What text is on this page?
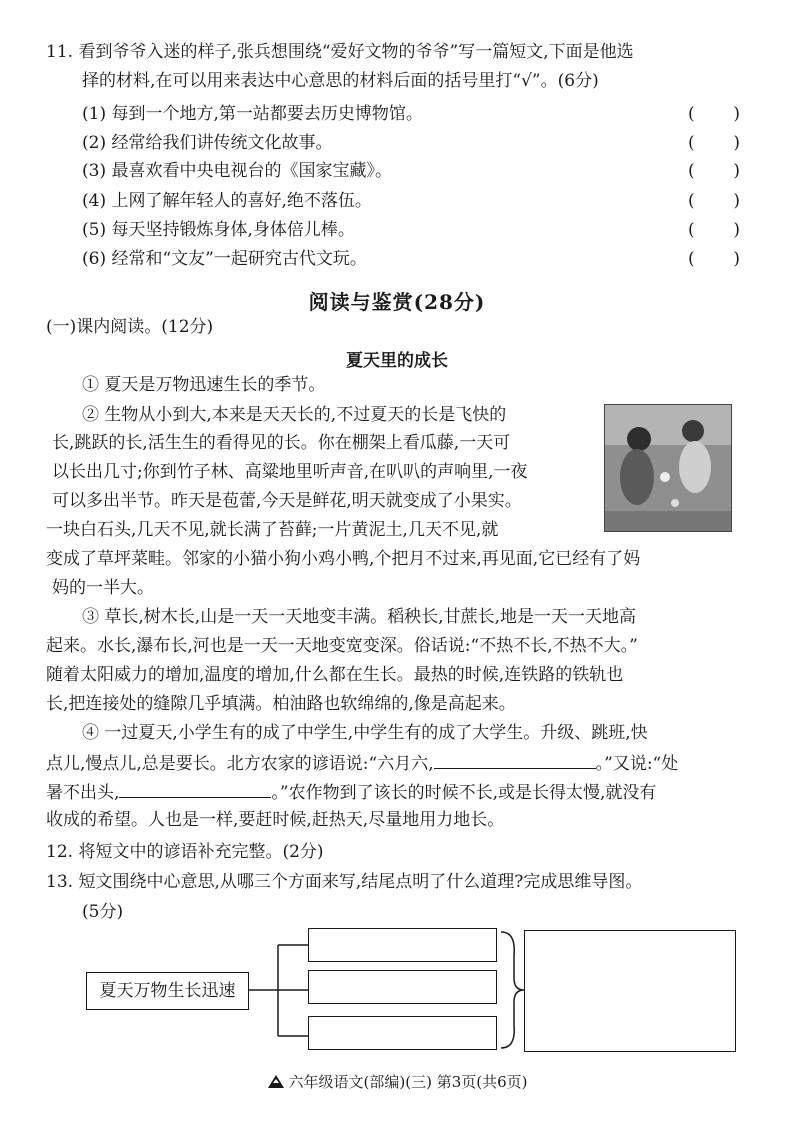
11. 看到爷爷入迷的样子,张兵想围绕“爱好文物的爷爷”写一篇短文,下面是他选
择的材料,在可以用来表达中心意思的材料后面的括号里打“√”。(6分)
(1) 每到一个地方,第一站都要去历史博物馆。
(2) 经常给我们讲传统文化故事。
(3) 最喜欢看中央电视台的《国家宝藏》。
(4) 上网了解年轻人的喜好,绝不落伍。
(5) 每天坚持锻炼身体,身体倍儿棒。
(6) 经常和“文友”一起研究古代文玩。
( )
( )
( )
( )
( )
( )
阅读与鉴赏(28分)
(一)课内阅读。(12分)
夏天里的成长
① 夏天是万物迅速生长的季节。
② 生物从小到大,本来是天天长的,不过夏天的长是飞快的
长,跳跃的长,活生生的看得见的长。你在棚架上看瓜藤,一天可
以长出几寸;你到竹子林、高粱地里听声音,在叭叭的声响里,一夜
可以多出半节。昨天是苞蕾,今天是鲜花,明天就变成了小果实。
一块白石头,几天不见,就长满了苔藓;一片黄泥土,几天不见,就
变成了草坪菜畦。邻家的小猫小狗小鸡小鸭,个把月不过来,再见面,它已经有了妈
妈的一半大。
③ 草长,树木长,山是一天一天地变丰满。稻秧长,甘蔗长,地是一天一天地高
起来。水长,瀑布长,河也是一天一天地变宽变深。俗话说:“不热不长,不热不大。”
随着太阳威力的增加,温度的增加,什么都在生长。最热的时候,连铁路的铁轨也
长,把连接处的缝隙几乎填满。柏油路也软绵绵的,像是高起来。
④ 一过夏天,小学生有的成了中学生,中学生有的成了大学生。升级、跳班,快
点儿,慢点儿,总是要长。北方农家的谚语说:“六月六,	。”又说:“处
暑不出头,	。”农作物到了该长的时候不长,或是长得太慢,就没有
收成的希望。人也是一样,要赶时候,赶热天,尽量地用力地长。
12. 将短文中的谚语补充完整。(2分)
13. 短文围绕中心意思,从哪三个方面来写,结尾点明了什么道理?完成思维导图。
(5分)
夏天万物生长迅速
六年级语文(部编)(三) 第3页(共6页)
